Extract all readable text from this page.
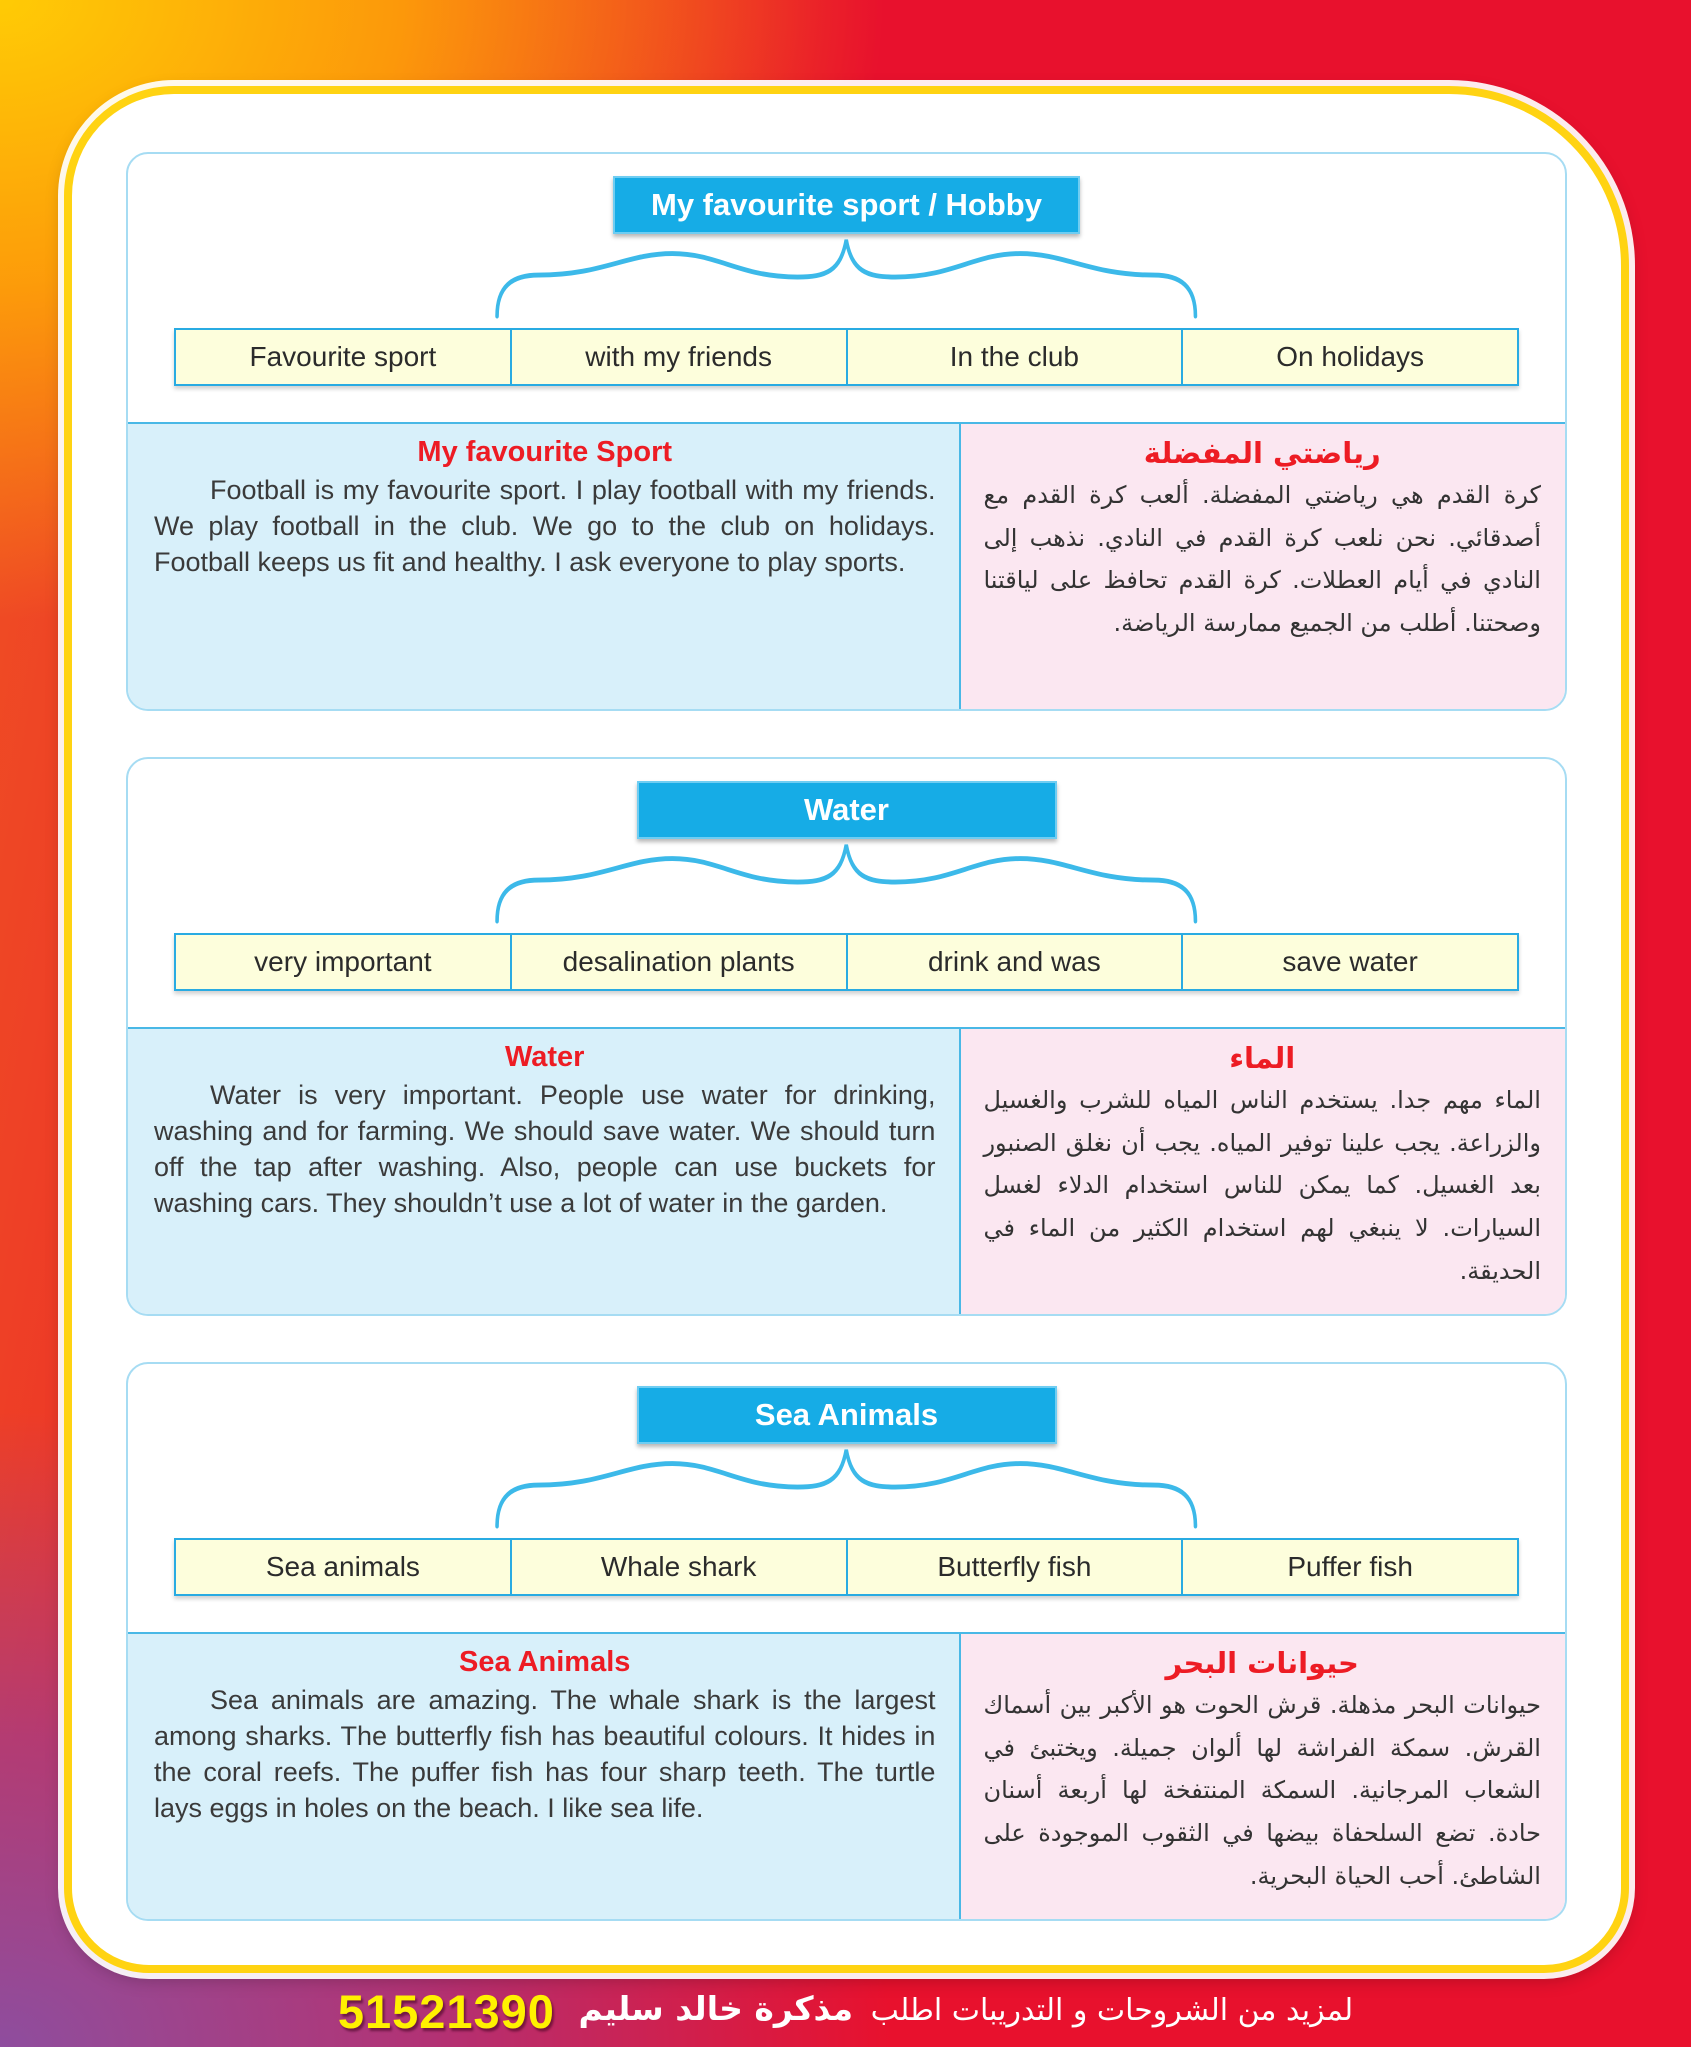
My favourite sport / Hobby
Favourite sport	with my friends	In the club	On holidays
My favourite Sport

Football is my favourite sport. I play football with my friends. We play football in the club. We go to the club on holidays. Football keeps us fit and healthy. I ask everyone to play sports.

رياضتي المفضلة

كرة القدم هي رياضتي المفضلة. ألعب كرة القدم مع أصدقائي. نحن نلعب كرة القدم في النادي. نذهب إلى النادي في أيام العطلات. كرة القدم تحافظ على لياقتنا وصحتنا. أطلب من الجميع ممارسة الرياضة.

Water
very important	desalination plants	drink and was	save water
Water

Water is very important. People use water for drinking, washing and for farming. We should save water. We should turn off the tap after washing. Also, people can use buckets for washing cars. They shouldn’t use a lot of water in the garden.

الماء

الماء مهم جدا. يستخدم الناس المياه للشرب والغسيل والزراعة. يجب علينا توفير المياه. يجب أن نغلق الصنبور بعد الغسيل. كما يمكن للناس استخدام الدلاء لغسل السيارات. لا ينبغي لهم استخدام الكثير من الماء في الحديقة.

Sea Animals
Sea animals	Whale shark	Butterfly fish	Puffer fish
Sea Animals

Sea animals are amazing. The whale shark is the largest among sharks. The butterfly fish has beautiful colours. It hides in the coral reefs. The puffer fish has four sharp teeth. The turtle lays eggs in holes on the beach. I like sea life.

حيوانات البحر

حيوانات البحر مذهلة. قرش الحوت هو الأكبر بين أسماك القرش. سمكة الفراشة لها ألوان جميلة. ويختبئ في الشعاب المرجانية. السمكة المنتفخة لها أربعة أسنان حادة. تضع السلحفاة بيضها في الثقوب الموجودة على الشاطئ. أحب الحياة البحرية.

لمزيد من الشروحات و التدريبات اطلب مذكرة خالد سليم 51521390
